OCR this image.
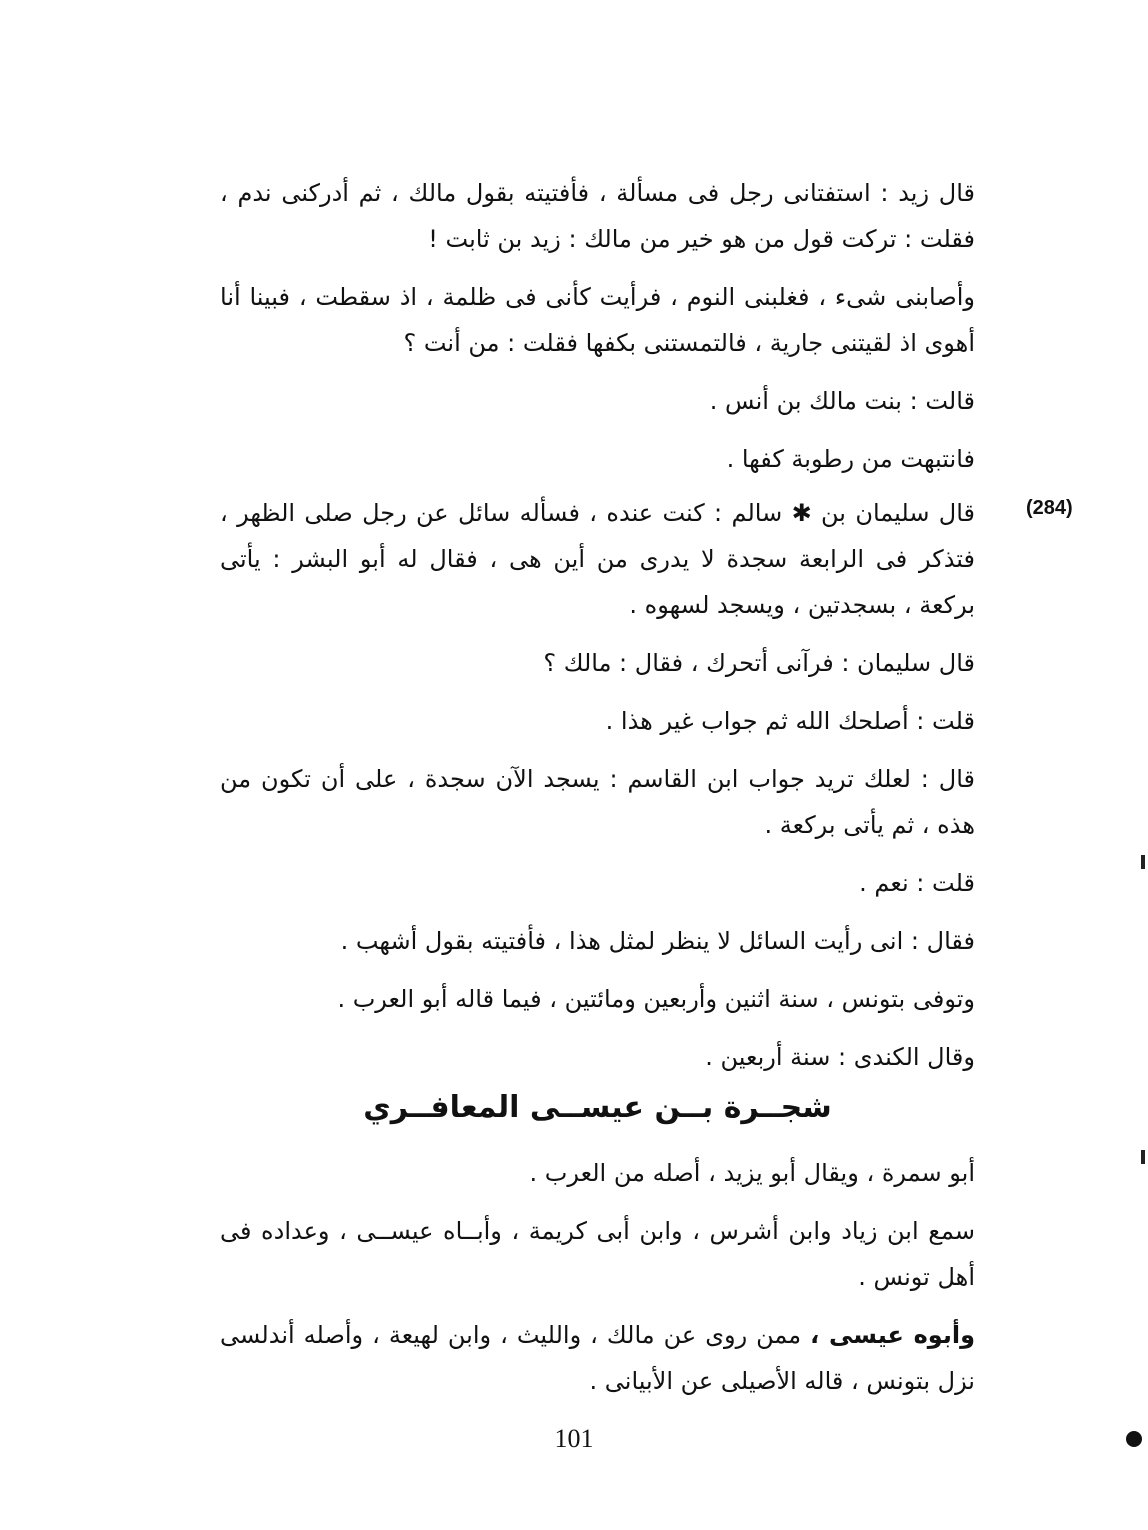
قال زيد : استفتانى رجل فى مسألة ، فأفتيته بقول مالك ، ثم أدركنى ندم ، فقلت : تركت قول من هو خير من مالك : زيد بن ثابت !

وأصابنى شىء ، فغلبنى النوم ، فرأيت كأنى فى ظلمة ، اذ سقطت ، فبينا أنا أهوى اذ لقيتنى جارية ، فالتمستنى بكفها فقلت : من أنت ؟

قالت : بنت مالك بن أنس .

فانتبهت من رطوبة كفها .

(284)

قال سليمان بن ✱ سالم : كنت عنده ، فسأله سائل عن رجل صلى الظهر ، فتذكر فى الرابعة سجدة لا يدرى من أين هى ، فقال له أبو البشر : يأتى بركعة ، بسجدتين ، ويسجد لسهوه .

قال سليمان : فرآنى أتحرك ، فقال : مالك ؟

قلت : أصلحك الله ثم جواب غير هذا .

قال : لعلك تريد جواب ابن القاسم : يسجد الآن سجدة ، على أن تكون من هذه ، ثم يأتى بركعة .

قلت : نعم .

فقال : انى رأيت السائل لا ينظر لمثل هذا ، فأفتيته بقول أشهب .

وتوفى بتونس ، سنة اثنين وأربعين ومائتين ، فيما قاله أبو العرب .

وقال الكندى : سنة أربعين .

شجــرة بــن عيســى المعافــري

أبو سمرة ، ويقال أبو يزيد ، أصله من العرب .

سمع ابن زياد وابن أشرس ، وابن أبى كريمة ، وأبــاه عيســى ، وعداده فى أهل تونس .

وأبوه عيسى ، ممن روى عن مالك ، والليث ، وابن لهيعة ، وأصله أندلسى نزل بتونس ، قاله الأصيلى عن الأبيانى .

101
